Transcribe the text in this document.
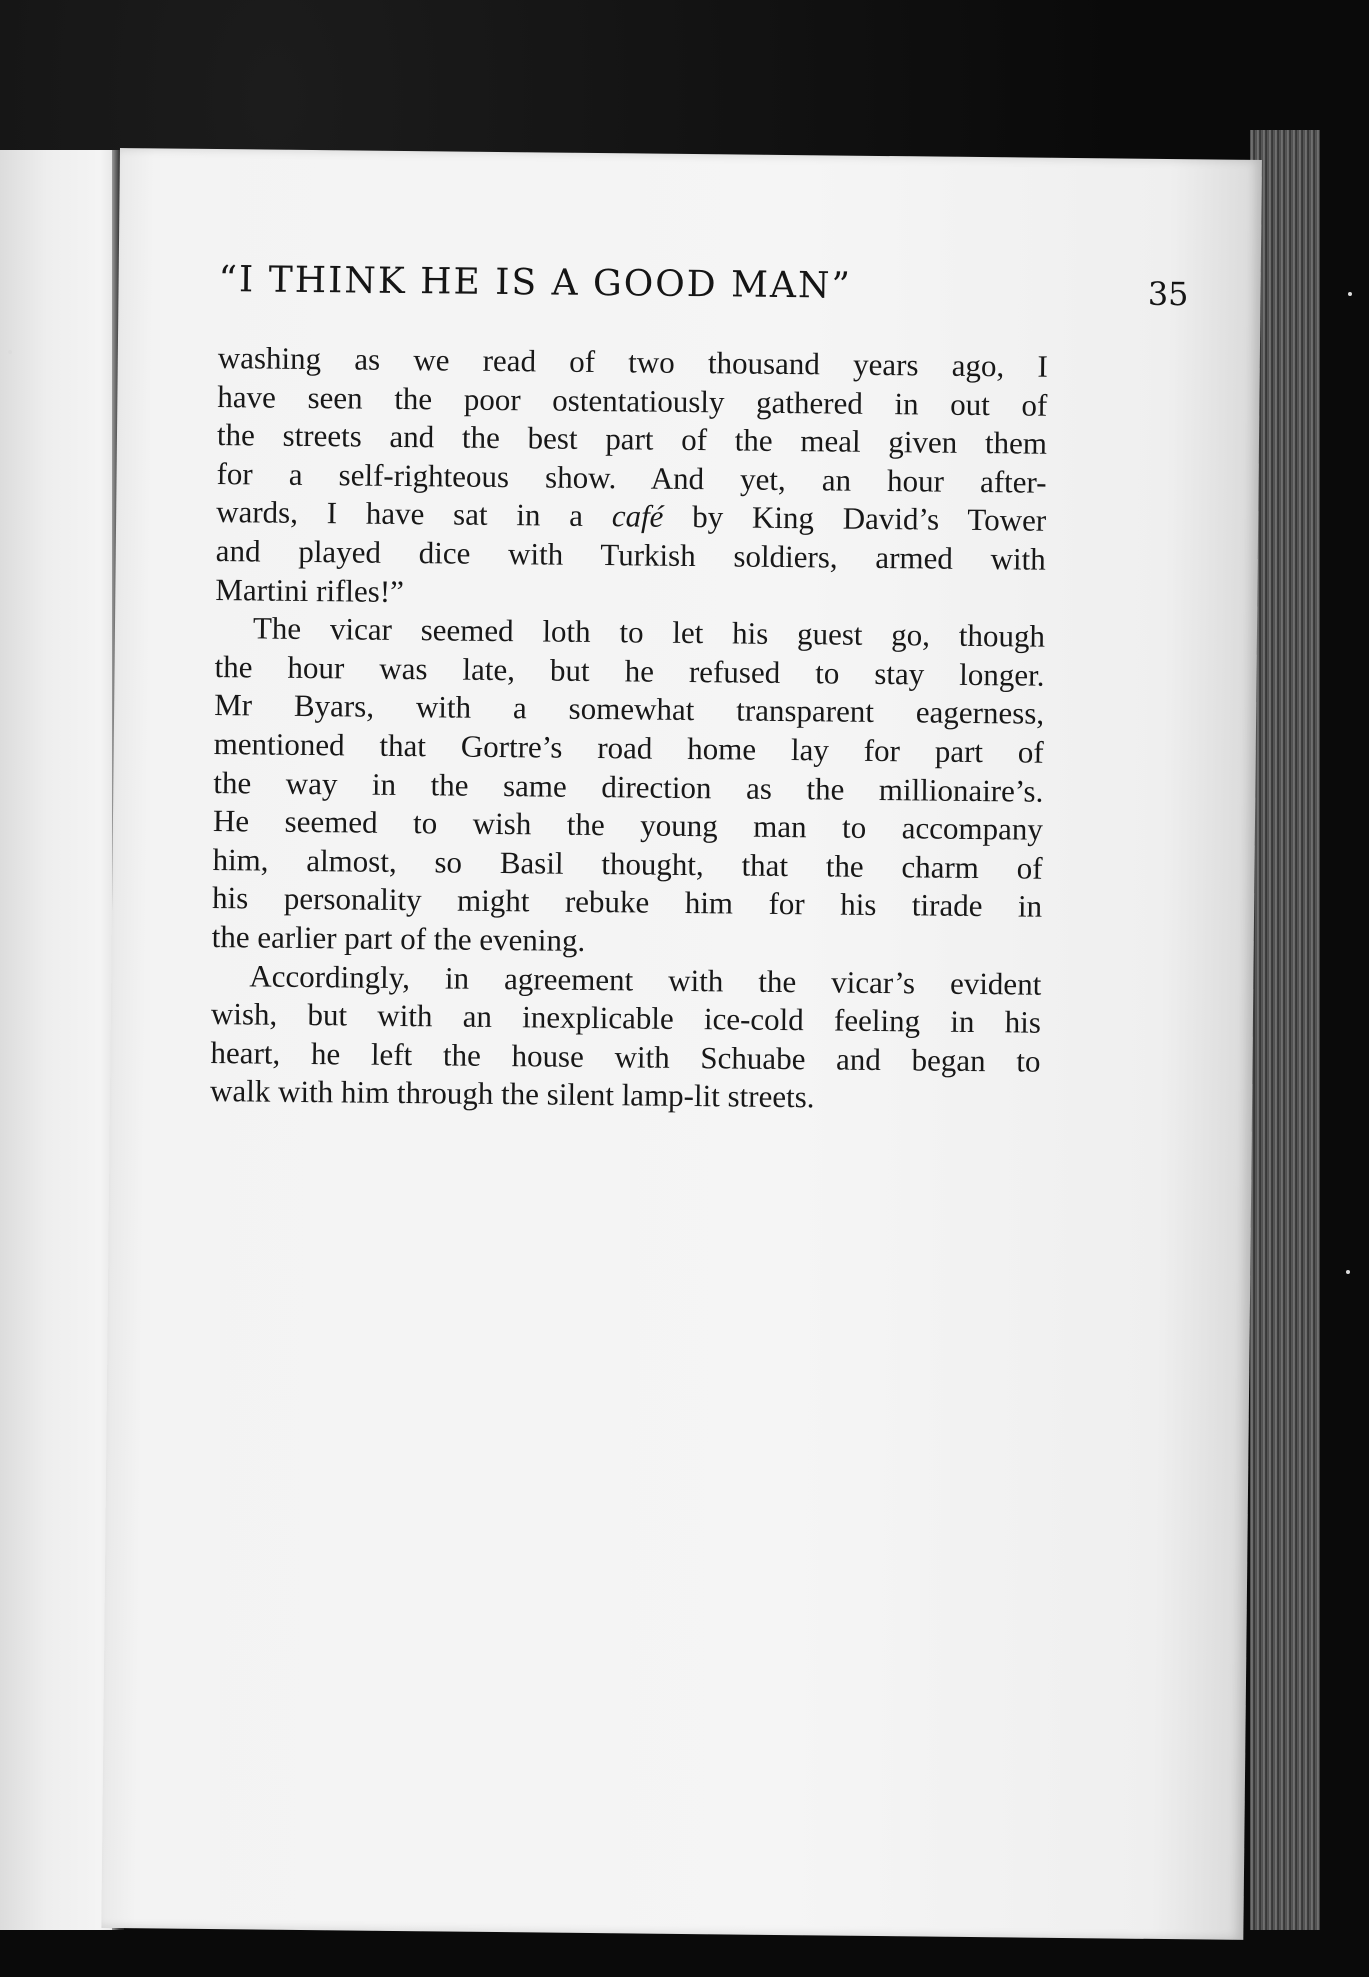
“I THINK HE IS A GOOD MAN”	35
washing as we read of two thousand years ago, I
have seen the poor ostentatiously gathered in out of
the streets and the best part of the meal given them
for a self-righteous show. And yet, an hour after-
wards, I have sat in a café by King David’s Tower
and played dice with Turkish soldiers, armed with
Martini rifles!”
The vicar seemed loth to let his guest go, though
the hour was late, but he refused to stay longer.
Mr Byars, with a somewhat transparent eagerness,
mentioned that Gortre’s road home lay for part of
the way in the same direction as the millionaire’s.
He seemed to wish the young man to accompany
him, almost, so Basil thought, that the charm of
his personality might rebuke him for his tirade in
the earlier part of the evening.
Accordingly, in agreement with the vicar’s evident
wish, but with an inexplicable ice-cold feeling in his
heart, he left the house with Schuabe and began to
walk with him through the silent lamp-lit streets.
